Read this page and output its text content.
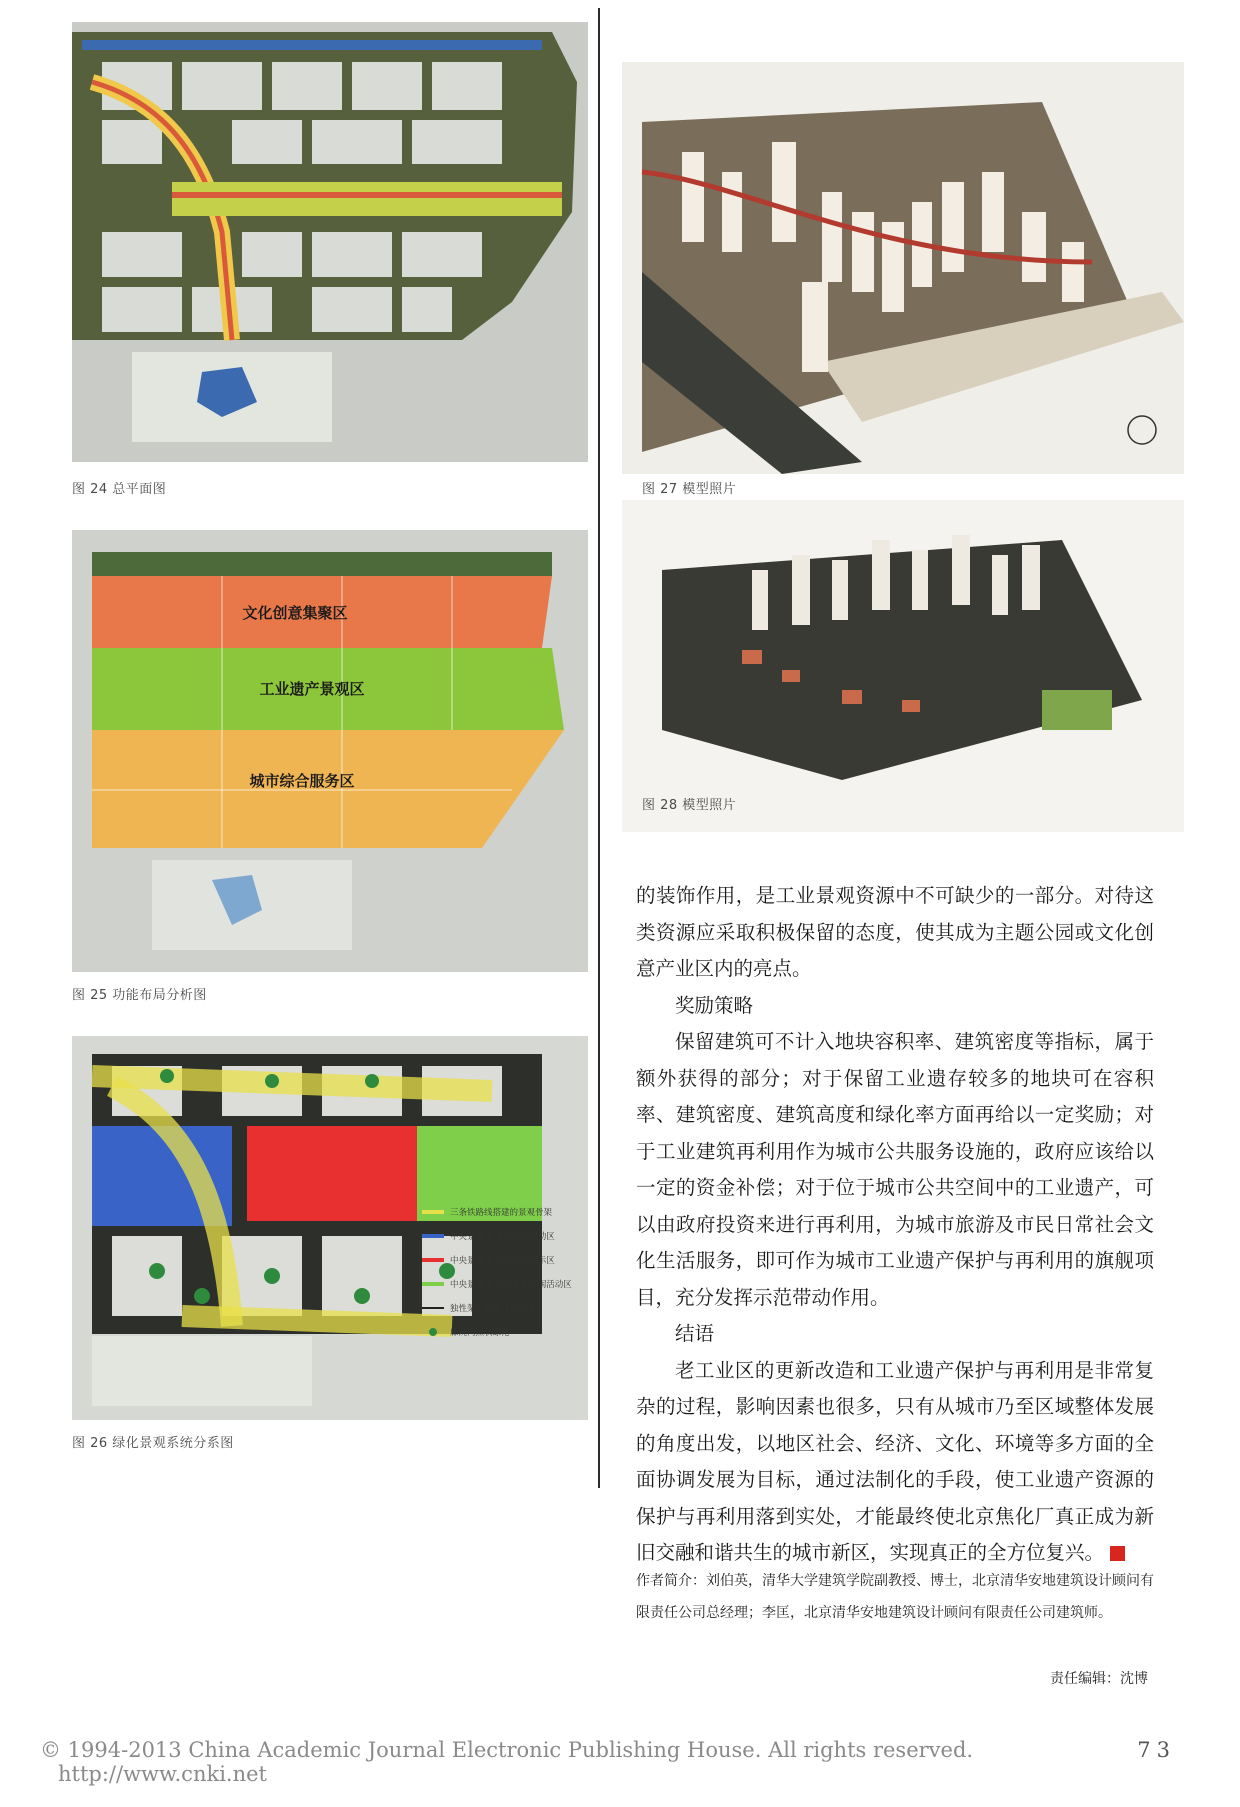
图 24 总平面图
文化创意集聚区
工业遗产景观区
城市综合服务区
图 25 功能布局分析图
三条铁路线搭建的景观骨架
中央景观带 水体休闲活动区
中央景观带 综合展览展示区
中央景观带 绿色生态休闲活动区
独性架空廊道步行空间
廊院内点状绿化
图 26 绿化景观系统分系图
图 27 模型照片
图 28 模型照片

的装饰作用，是工业景观资源中不可缺少的一部分。对待这类资源应采取积极保留的态度，使其成为主题公园或文化创意产业区内的亮点。

奖励策略

保留建筑可不计入地块容积率、建筑密度等指标，属于额外获得的部分；对于保留工业遗存较多的地块可在容积率、建筑密度、建筑高度和绿化率方面再给以一定奖励；对于工业建筑再利用作为城市公共服务设施的，政府应该给以一定的资金补偿；对于位于城市公共空间中的工业遗产，可以由政府投资来进行再利用，为城市旅游及市民日常社会文化生活服务，即可作为城市工业遗产保护与再利用的旗舰项目，充分发挥示范带动作用。

结语

老工业区的更新改造和工业遗产保护与再利用是非常复杂的过程，影响因素也很多，只有从城市乃至区域整体发展的角度出发，以地区社会、经济、文化、环境等多方面的全面协调发展为目标，通过法制化的手段，使工业遗产资源的保护与再利用落到实处，才能最终使北京焦化厂真正成为新旧交融和谐共生的城市新区，实现真正的全方位复兴。	A

作者简介：刘伯英，清华大学建筑学院副教授、博士，北京清华安地建筑设计顾问有限责任公司总经理；李匡，北京清华安地建筑设计顾问有限责任公司建筑师。
责任编辑：沈博
© 1994-2013 China Academic Journal Electronic Publishing House. All rights reserved. http://www.cnki.net
73
